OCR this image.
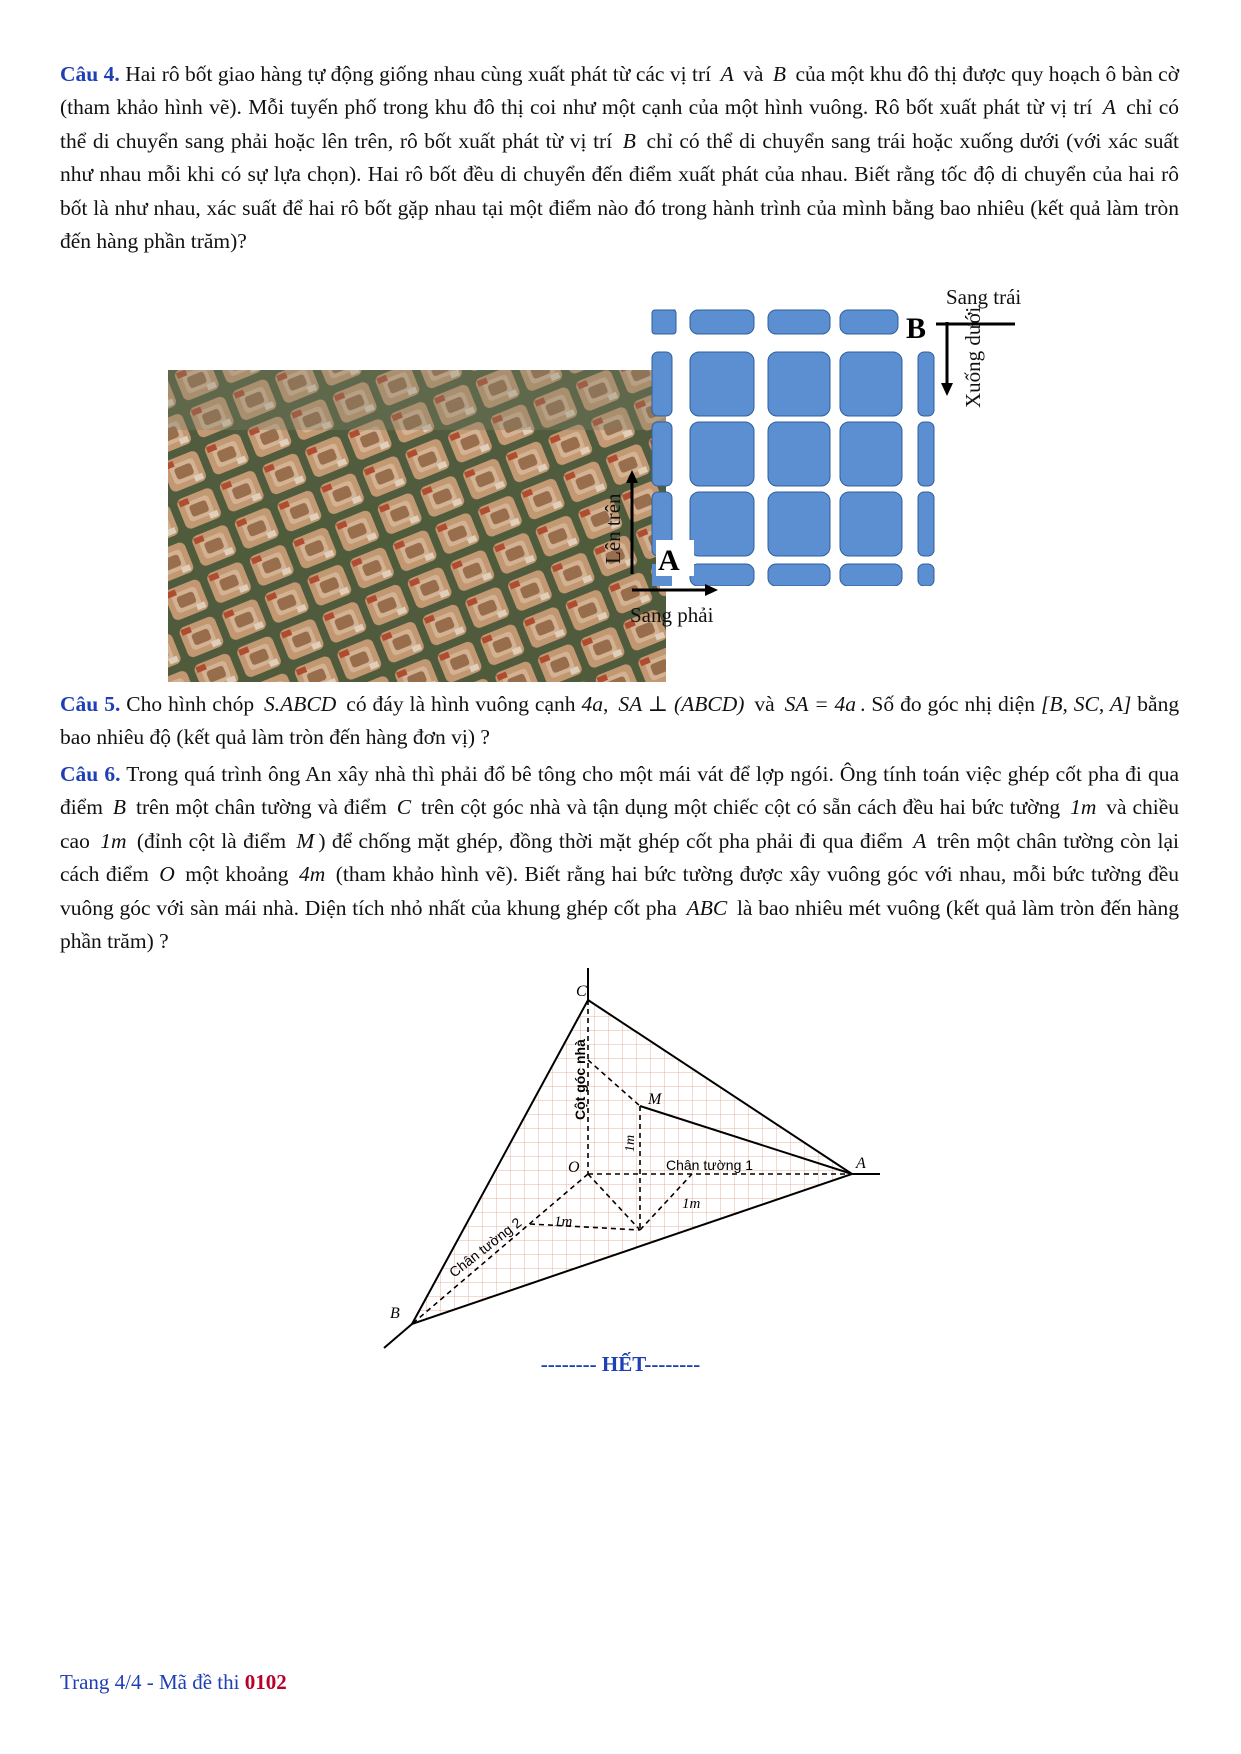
Câu 4. Hai rô bốt giao hàng tự động giống nhau cùng xuất phát từ các vị trí A và B của một khu đô thị được quy hoạch ô bàn cờ (tham khảo hình vẽ). Mỗi tuyến phố trong khu đô thị coi như một cạnh của một hình vuông. Rô bốt xuất phát từ vị trí A chỉ có thể di chuyển sang phải hoặc lên trên, rô bốt xuất phát từ vị trí B chỉ có thể di chuyển sang trái hoặc xuống dưới (với xác suất như nhau mỗi khi có sự lựa chọn). Hai rô bốt đều di chuyển đến điểm xuất phát của nhau. Biết rằng tốc độ di chuyển của hai rô bốt là như nhau, xác suất để hai rô bốt gặp nhau tại một điểm nào đó trong hành trình của mình bằng bao nhiêu (kết quả làm tròn đến hàng phần trăm)?
Sang trái
B
A
Xuống dưới
Lên trên
Sang phải
Câu 5. Cho hình chóp S.ABCD có đáy là hình vuông cạnh 4a, SA ⊥ (ABCD) và SA = 4a . Số đo góc nhị diện [B, SC, A] bằng bao nhiêu độ (kết quả làm tròn đến hàng đơn vị) ?
Câu 6. Trong quá trình ông An xây nhà thì phải đổ bê tông cho một mái vát để lợp ngói. Ông tính toán việc ghép cốt pha đi qua điểm B trên một chân tường và điểm C trên cột góc nhà và tận dụng một chiếc cột có sẵn cách đều hai bức tường 1m và chiều cao 1m (đỉnh cột là điểm M ) để chống mặt ghép, đồng thời mặt ghép cốt pha phải đi qua điểm A trên một chân tường còn lại cách điểm O một khoảng 4m (tham khảo hình vẽ). Biết rằng hai bức tường được xây vuông góc với nhau, mỗi bức tường đều vuông góc với sàn mái nhà. Diện tích nhỏ nhất của khung ghép cốt pha ABC là bao nhiêu mét vuông (kết quả làm tròn đến hàng phần trăm) ?
C
M
O	A
B
Cột góc nhà
Chân tường 1
Chân tường 2
1m
1m
1m
-------- HẾT--------
Trang 4/4 - Mã đề thi 0102
